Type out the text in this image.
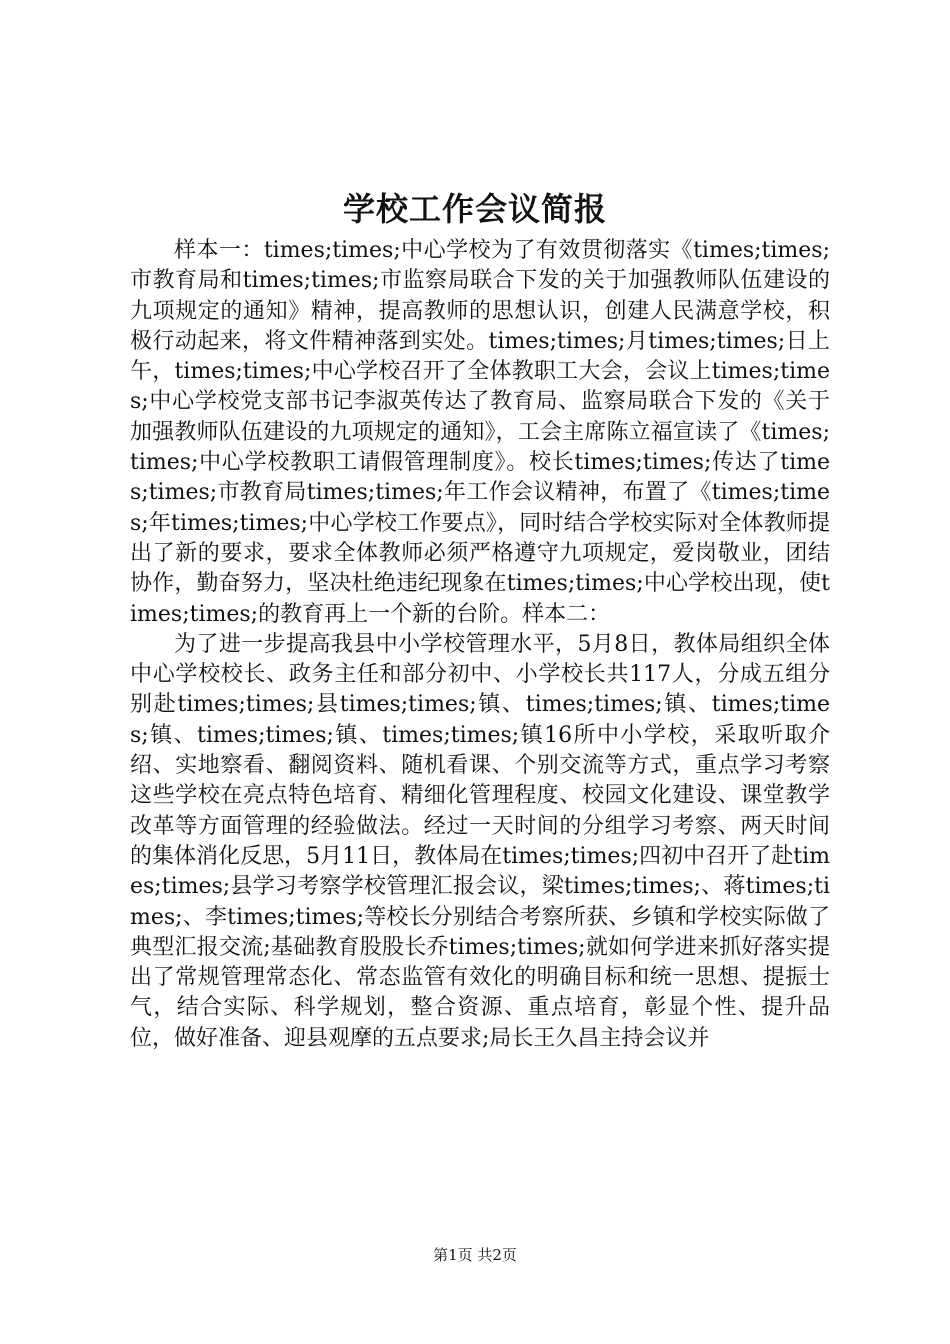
学校工作会议简报

样本一：times;times;中心学校为了有效贯彻落实《times;times;市教育局和times;times;市监察局联合下发的关于加强教师队伍建设的九项规定的通知》精神，提高教师的思想认识，创建人民满意学校，积极行动起来，将文件精神落到实处。times;times;月times;times;日上午，times;times;中心学校召开了全体教职工大会，会议上times;times;中心学校党支部书记李淑英传达了教育局、监察局联合下发的《关于加强教师队伍建设的九项规定的通知》，工会主席陈立福宣读了《times;times;中心学校教职工请假管理制度》。校长times;times;传达了times;times;市教育局times;times;年工作会议精神，布置了《times;times;年times;times;中心学校工作要点》，同时结合学校实际对全体教师提出了新的要求，要求全体教师必须严格遵守九项规定，爱岗敬业，团结协作，勤奋努力，坚决杜绝违纪现象在times;times;中心学校出现，使times;times;的教育再上一个新的台阶。样本二：

为了进一步提高我县中小学校管理水平，5月8日，教体局组织全体中心学校校长、政务主任和部分初中、小学校长共117人，分成五组分别赴times;times;县times;times;镇、times;times;镇、times;times;镇、times;times;镇、times;times;镇16所中小学校，采取听取介绍、实地察看、翻阅资料、随机看课、个别交流等方式，重点学习考察这些学校在亮点特色培育、精细化管理程度、校园文化建设、课堂教学改革等方面管理的经验做法。经过一天时间的分组学习考察、两天时间的集体消化反思，5月11日，教体局在times;times;四初中召开了赴times;times;县学习考察学校管理汇报会议，梁times;times;、蒋times;times;、李times;times;等校长分别结合考察所获、乡镇和学校实际做了典型汇报交流;基础教育股股长乔times;times;就如何学进来抓好落实提出了常规管理常态化、常态监管有效化的明确目标和统一思想、提振士气，结合实际、科学规划，整合资源、重点培育，彰显个性、提升品位，做好准备、迎县观摩的五点要求;局长王久昌主持会议并

第1页 共2页
